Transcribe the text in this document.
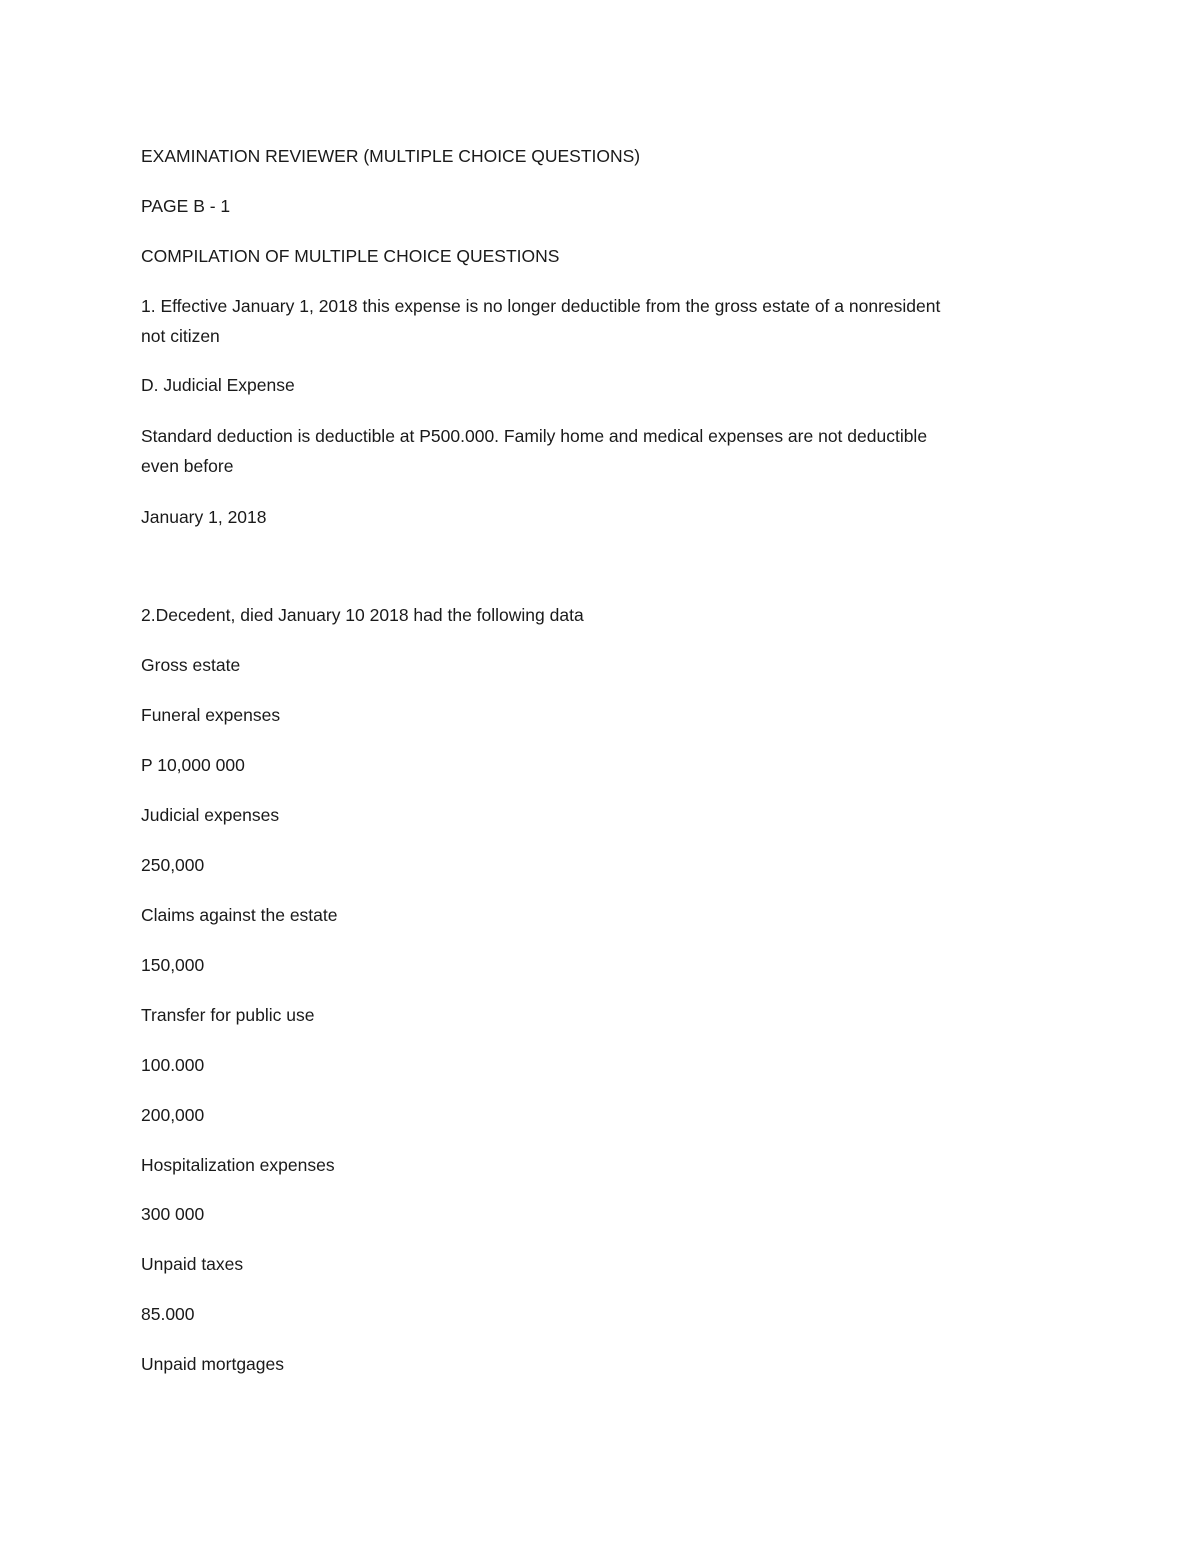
EXAMINATION REVIEWER (MULTIPLE CHOICE QUESTIONS)

PAGE B - 1

COMPILATION OF MULTIPLE CHOICE QUESTIONS

1. Effective January 1, 2018 this expense is no longer deductible from the gross estate of a nonresident

not citizen

D. Judicial Expense

Standard deduction is deductible at P500.000. Family home and medical expenses are not deductible

even before

January 1, 2018

2.Decedent, died January 10 2018 had the following data

Gross estate

Funeral expenses

P 10,000 000

Judicial expenses

250,000

Claims against the estate

150,000

Transfer for public use

100.000

200,000

Hospitalization expenses

300 000

Unpaid taxes

85.000

Unpaid mortgages
